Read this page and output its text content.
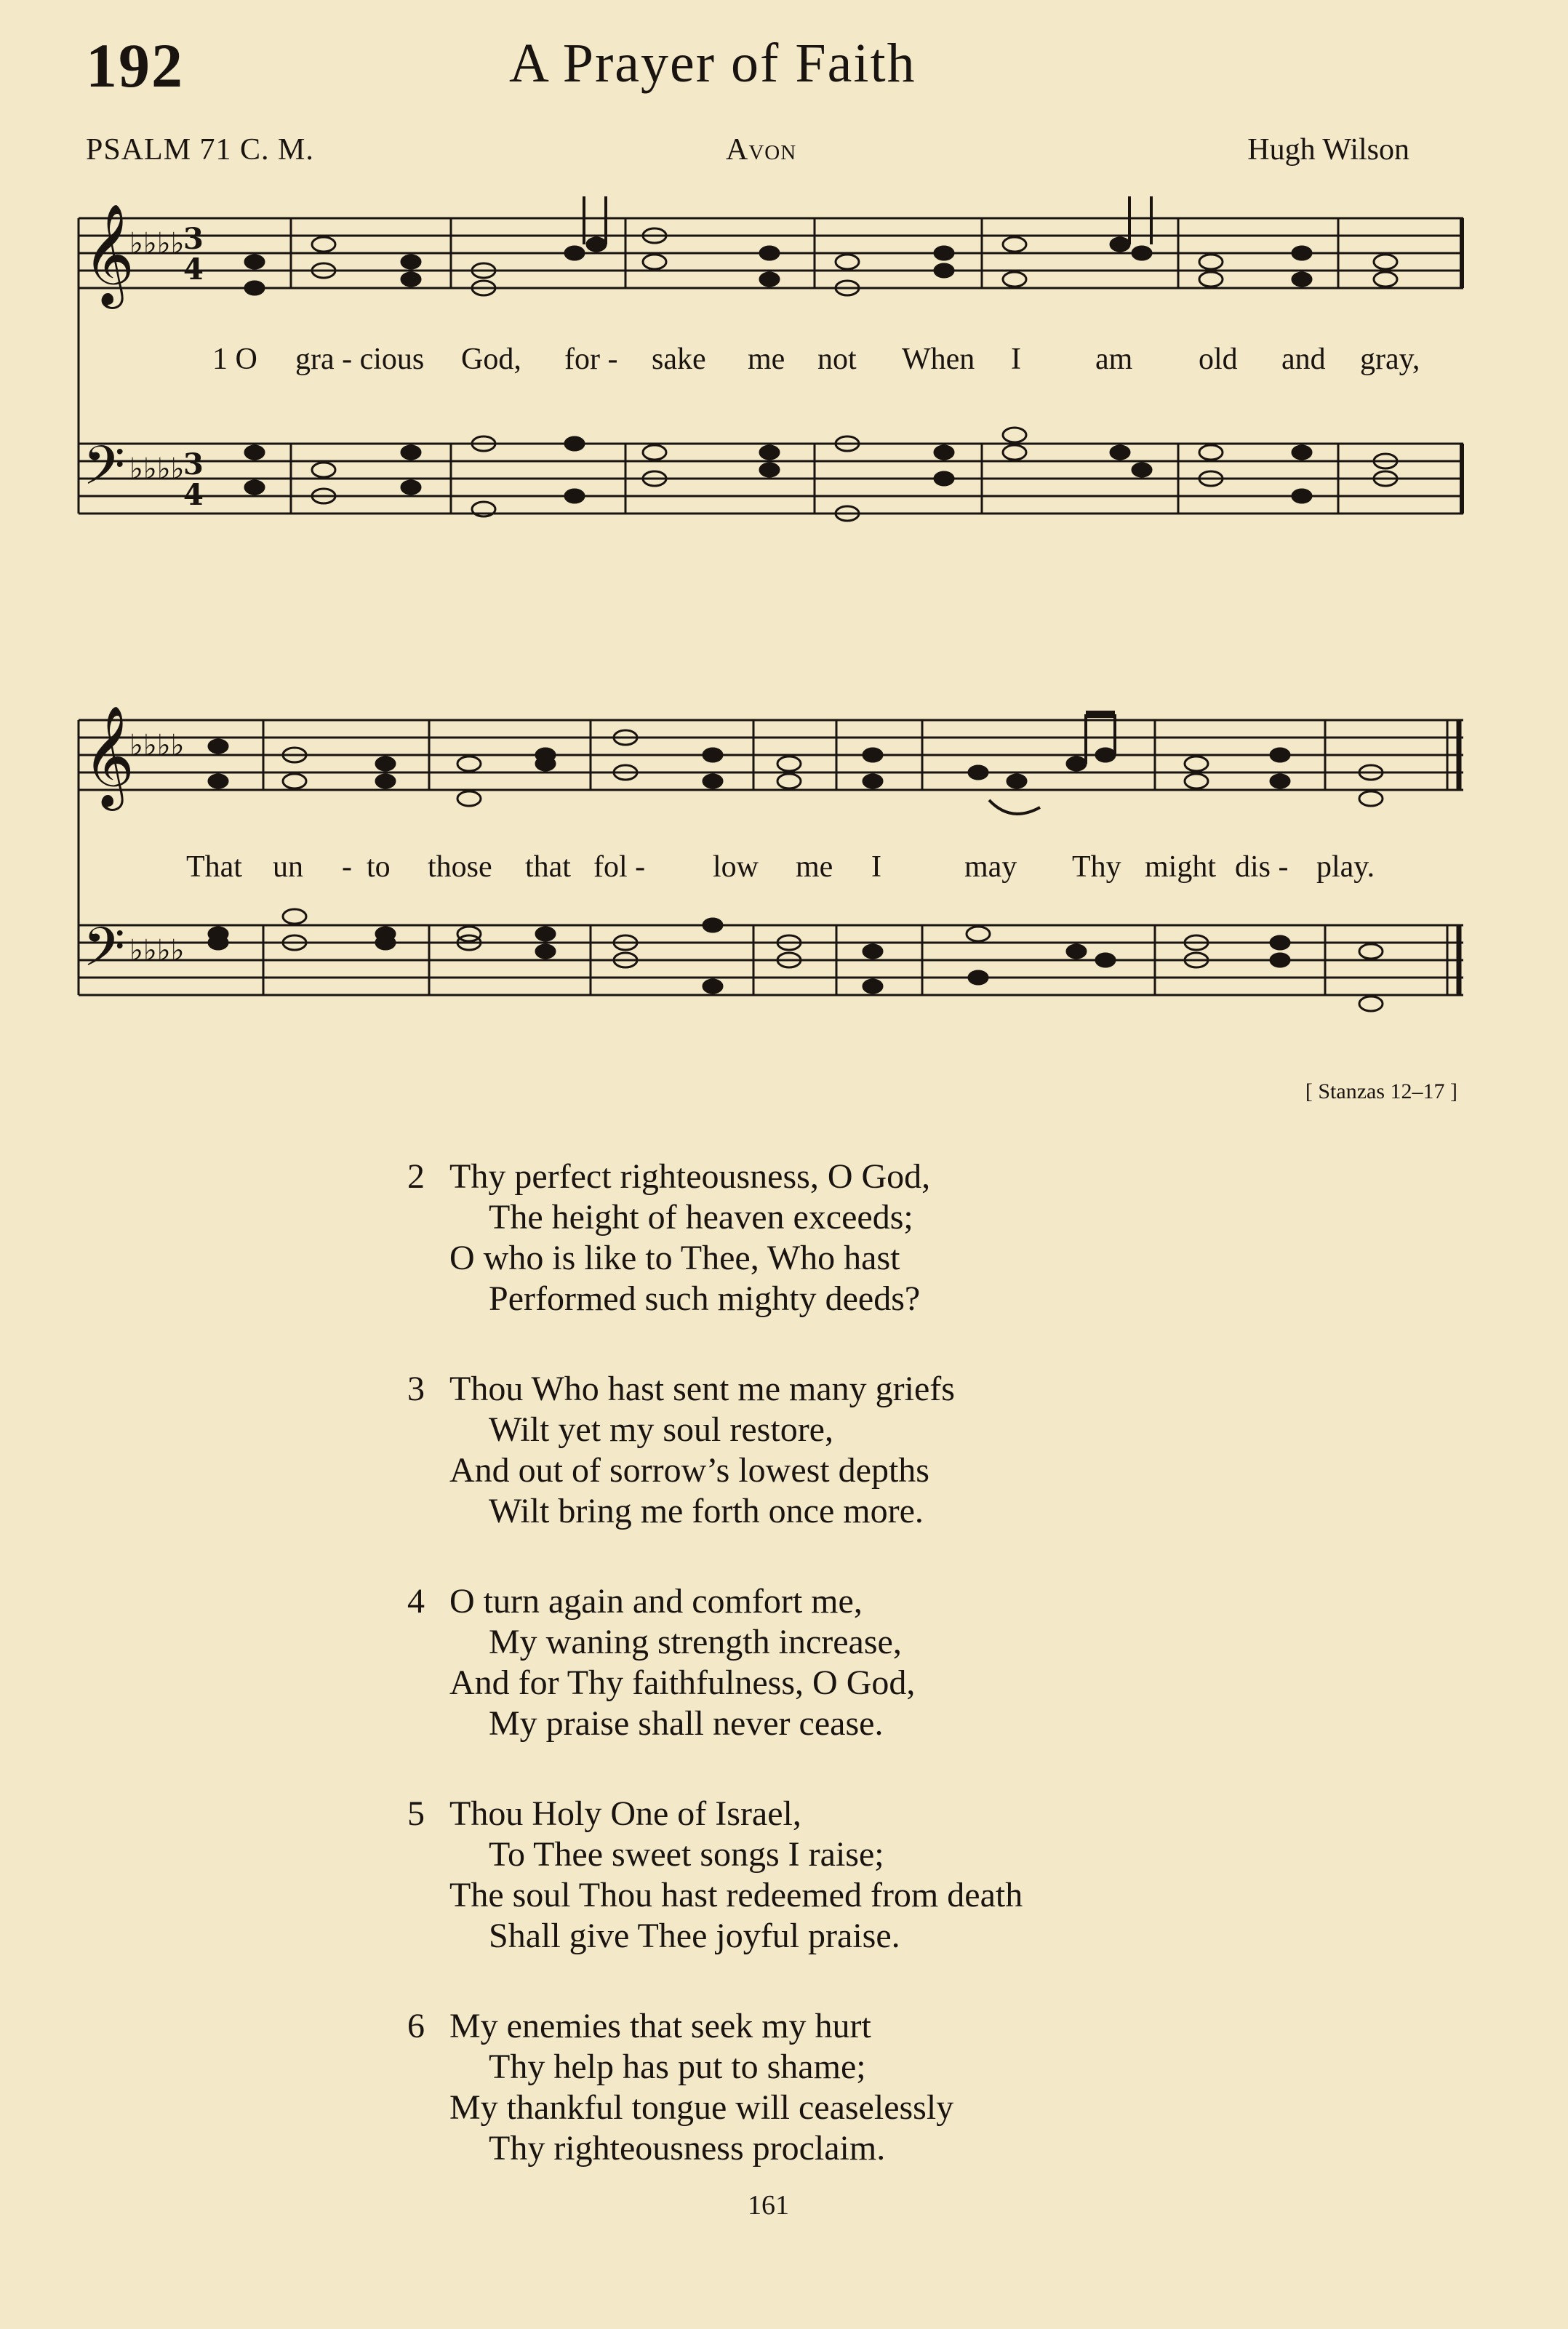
192	A Prayer of Faith
PSALM 71 C. M.	Avon	Hugh Wilson
𝄞
𝄢
♭♭♭♭
♭♭♭♭
3
4
3
4
1 O gra - cious God, for - sake me not When I am old and gray,
𝄞
𝄢
♭♭♭♭
♭♭♭♭
That un - to those that fol - low me I	may Thy might dis - play.
[ Stanzas 12–17 ]
2 Thy perfect righteousness, O God,
The height of heaven exceeds;
O who is like to Thee, Who hast
Performed such mighty deeds?
3 Thou Who hast sent me many griefs
Wilt yet my soul restore,
And out of sorrow’s lowest depths
Wilt bring me forth once more.
4 O turn again and comfort me,
My waning strength increase,
And for Thy faithfulness, O God,
My praise shall never cease.
5 Thou Holy One of Israel,
To Thee sweet songs I raise;
The soul Thou hast redeemed from death
Shall give Thee joyful praise.
6 My enemies that seek my hurt
Thy help has put to shame;
My thankful tongue will ceaselessly
Thy righteousness proclaim.
161
